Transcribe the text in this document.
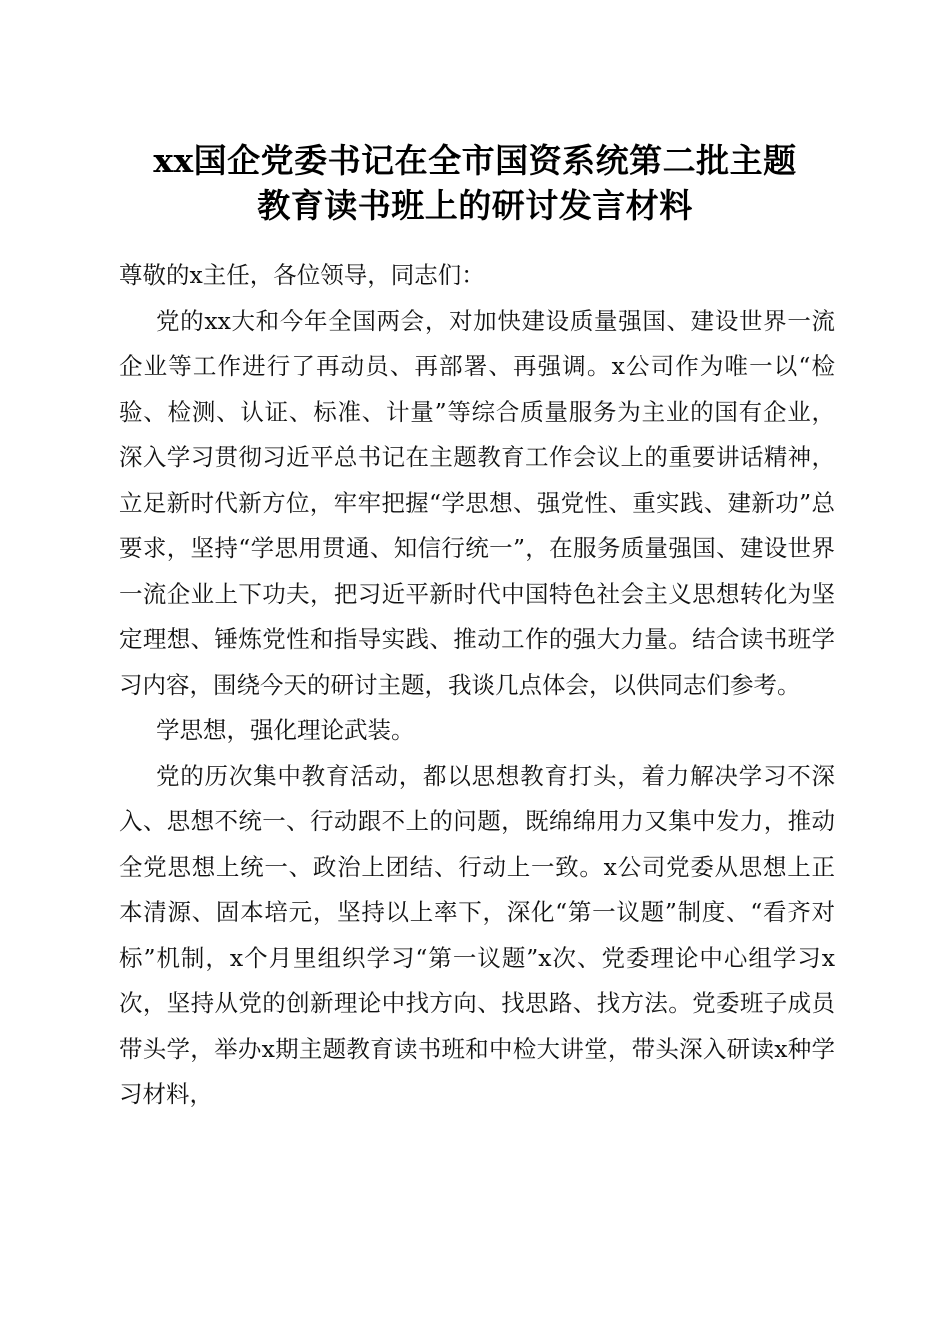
xx国企党委书记在全市国资系统第二批主题
教育读书班上的研讨发言材料

尊敬的x主任，各位领导，同志们：

党的xx大和今年全国两会，对加快建设质量强国、建设世界一流企业等工作进行了再动员、再部署、再强调。x公司作为唯一以“检验、检测、认证、标准、计量”等综合质量服务为主业的国有企业，深入学习贯彻习近平总书记在主题教育工作会议上的重要讲话精神，立足新时代新方位，牢牢把握“学思想、强党性、重实践、建新功”总要求，坚持“学思用贯通、知信行统一”，在服务质量强国、建设世界一流企业上下功夫，把习近平新时代中国特色社会主义思想转化为坚定理想、锤炼党性和指导实践、推动工作的强大力量。结合读书班学习内容，围绕今天的研讨主题，我谈几点体会，以供同志们参考。

学思想，强化理论武装。

党的历次集中教育活动，都以思想教育打头，着力解决学习不深入、思想不统一、行动跟不上的问题，既绵绵用力又集中发力，推动全党思想上统一、政治上团结、行动上一致。x公司党委从思想上正本清源、固本培元，坚持以上率下，深化“第一议题”制度、“看齐对标”机制，x个月里组织学习“第一议题”x次、党委理论中心组学习x次，坚持从党的创新理论中找方向、找思路、找方法。党委班子成员带头学，举办x期主题教育读书班和中检大讲堂，带头深入研读x种学习材料，
